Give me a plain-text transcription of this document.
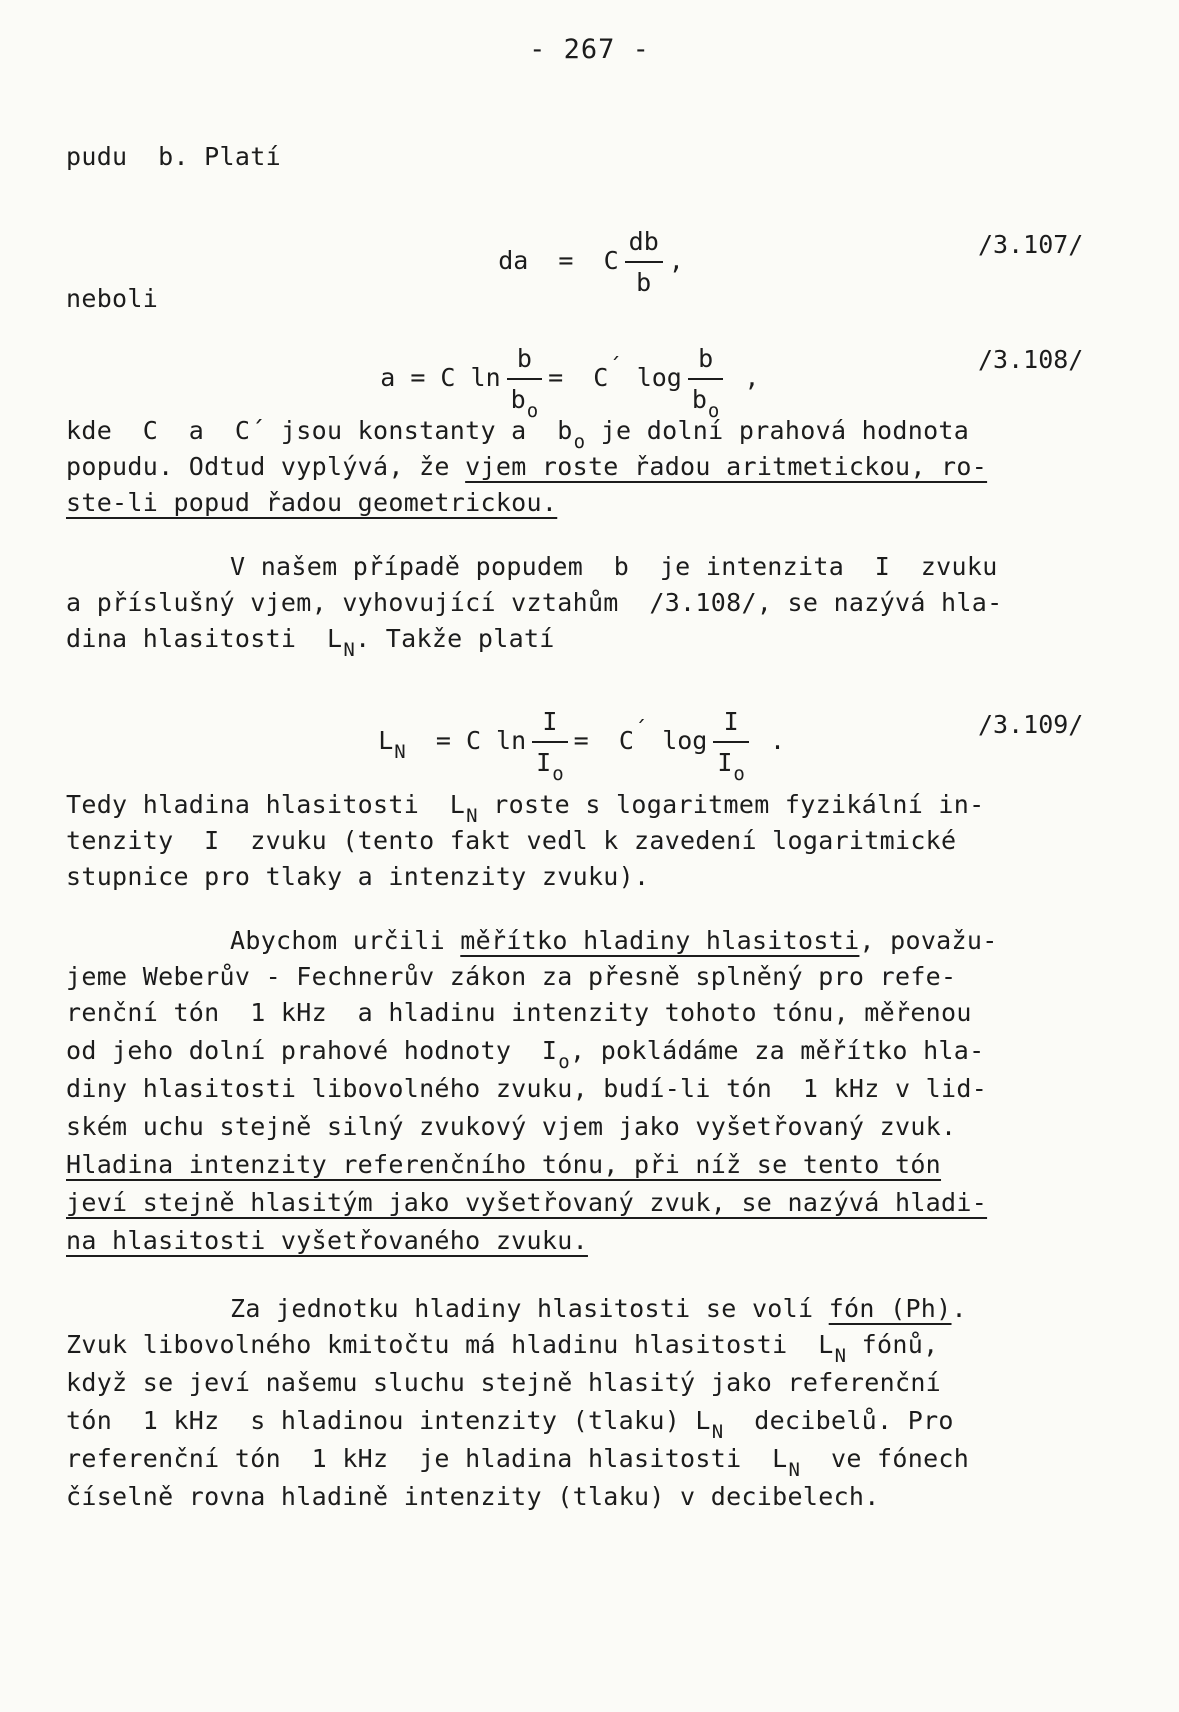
- 267 -
pudu  b. Platí

da  =  C $\frac{db}{b}$ ,

/3.107/
neboli

a = C $\ln \frac{b}{b_o}$ =  C´ $\log \frac{b}{b_o}$ ,

/3.108/
kde  C  a  C´ jsou konstanty a  $b_o$ je dolní prahová hodnota
popudu. Odtud vyplývá, že vjem roste řadou aritmetickou, ro-
ste-li popud řadou geometrickou.
V našem případě popudem  b  je intenzita  I  zvuku
a příslušný vjem, vyhovující vztahům  /3.108/, se nazývá hla-
dina hlasitosti  $L_N$. Takže platí

$L_N = C$ $\ln \frac{I}{I_o}$ =  C´ $\log \frac{I}{I_o}$ .

/3.109/
Tedy hladina hlasitosti  $L_N$ roste s logaritmem fyzikální in-
tenzity  I  zvuku (tento fakt vedl k zavedení logaritmické
stupnice pro tlaky a intenzity zvuku).
Abychom určili měřítko hladiny hlasitosti, považu-
jeme Weberův - Fechnerův zákon za přesně splněný pro refe-
renční tón  1 kHz  a hladinu intenzity tohoto tónu, měřenou
od jeho dolní prahové hodnoty  $I_o$, pokládáme za měřítko hla-
diny hlasitosti libovolného zvuku, budí-li tón  1 kHz v lid-
ském uchu stejně silný zvukový vjem jako vyšetřovaný zvuk.
Hladina intenzity referenčního tónu, při níž se tento tón
jeví stejně hlasitým jako vyšetřovaný zvuk, se nazývá hladi-
na hlasitosti vyšetřovaného zvuku.
Za jednotku hladiny hlasitosti se volí fón (Ph).
Zvuk libovolného kmitočtu má hladinu hlasitosti  $L_N$ fónů,
když se jeví našemu sluchu stejně hlasitý jako referenční
tón  1 kHz  s hladinou intenzity (tlaku) $L_N$  decibelů. Pro
referenční tón  1 kHz  je hladina hlasitosti  $L_N$  ve fónech
číselně rovna hladině intenzity (tlaku) v decibelech.
